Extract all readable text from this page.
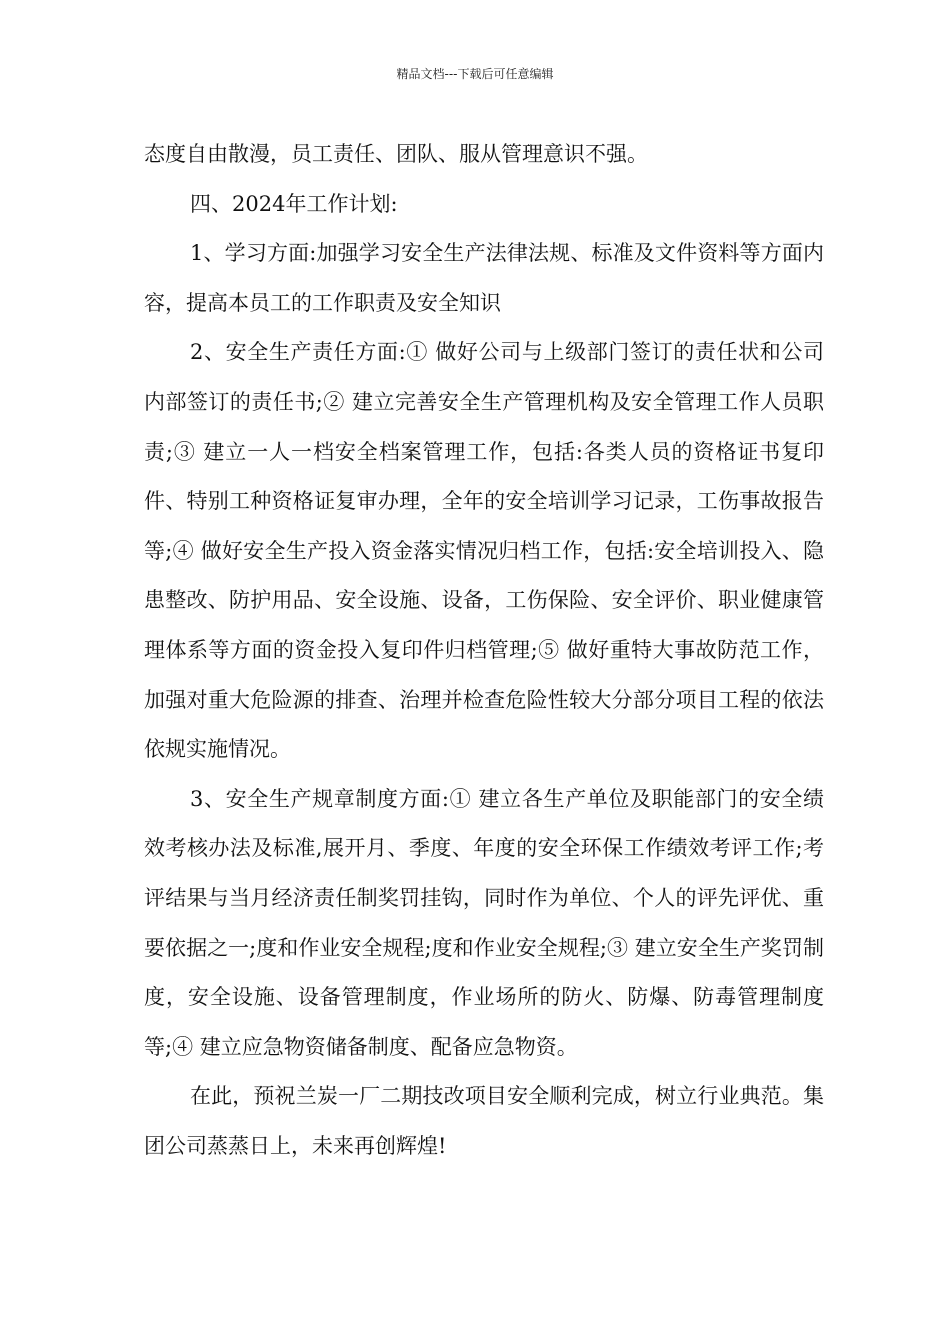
精品文档---下载后可任意编辑

态度自由散漫，员工责任、团队、服从管理意识不强。

四、2024年工作计划:

1、学习方面:加强学习安全生产法律法规、标准及文件资料等方面内容，提高本员工的工作职责及安全知识

2、安全生产责任方面:① 做好公司与上级部门签订的责任状和公司内部签订的责任书;② 建立完善安全生产管理机构及安全管理工作人员职责;③ 建立一人一档安全档案管理工作，包括:各类人员的资格证书复印件、特别工种资格证复审办理，全年的安全培训学习记录，工伤事故报告等;④ 做好安全生产投入资金落实情况归档工作，包括:安全培训投入、隐患整改、防护用品、安全设施、设备，工伤保险、安全评价、职业健康管理体系等方面的资金投入复印件归档管理;⑤ 做好重特大事故防范工作，加强对重大危险源的排查、治理并检查危险性较大分部分项目工程的依法依规实施情况。

3、安全生产规章制度方面:① 建立各生产单位及职能部门的安全绩效考核办法及标准,展开月、季度、年度的安全环保工作绩效考评工作;考评结果与当月经济责任制奖罚挂钩，同时作为单位、个人的评先评优、重要依据之一;度和作业安全规程;度和作业安全规程;③ 建立安全生产奖罚制度，安全设施、设备管理制度，作业场所的防火、防爆、防毒管理制度等;④ 建立应急物资储备制度、配备应急物资。

在此，预祝兰炭一厂二期技改项目安全顺利完成，树立行业典范。集团公司蒸蒸日上，未来再创辉煌!
